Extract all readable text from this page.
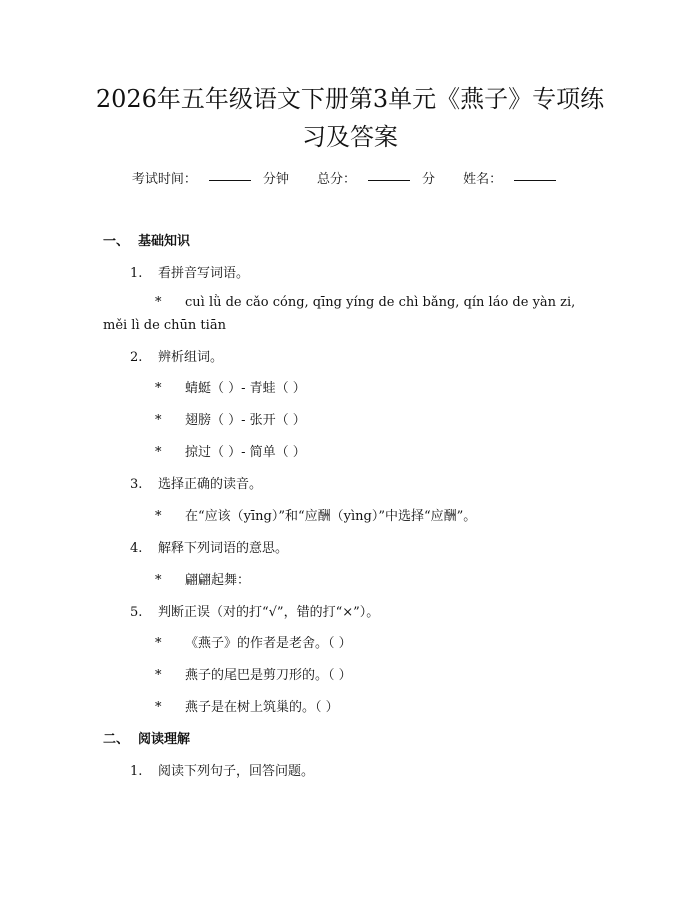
2026年五年级语文下册第3单元《燕子》专项练习及答案
考试时间：	分钟 总分：	分 姓名：
一、 基础知识
1. 看拼音写词语。
* cuì lǜ de cǎo cóng, qīng yíng de chì bǎng, qín láo de yàn zi, měi lì de chūn tiān
2. 辨析组词。
* 蜻蜓（ ）- 青蛙（ ）
* 翅膀（ ）- 张开（ ）
* 掠过（ ）- 简单（ ）
3. 选择正确的读音。
* 在“应该（yīng）”和“应酬（yìng）”中选择“应酬”。
4. 解释下列词语的意思。
* 翩翩起舞：
5. 判断正误（对的打“√”，错的打“×”）。
* 《燕子》的作者是老舍。（ ）
* 燕子的尾巴是剪刀形的。（ ）
* 燕子是在树上筑巢的。（ ）
二、 阅读理解
1. 阅读下列句子，回答问题。
